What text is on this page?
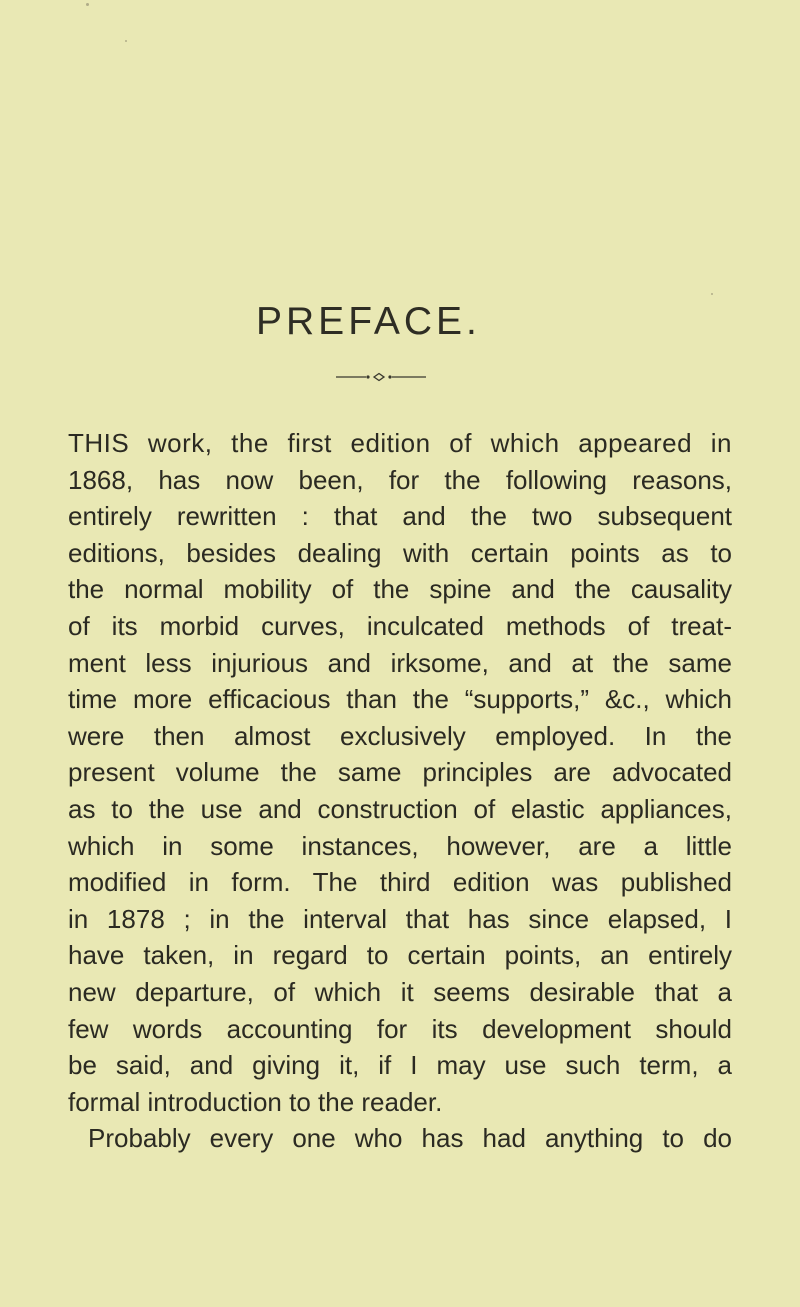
PREFACE.
THIS work, the first edition of which appeared in
1868, has now been, for the following reasons,
entirely rewritten : that and the two subsequent
editions, besides dealing with certain points as to
the normal mobility of the spine and the causality
of its morbid curves, inculcated methods of treat-
ment less injurious and irksome, and at the same
time more efficacious than the “supports,” &c., which
were then almost exclusively employed. In the
present volume the same principles are advocated
as to the use and construction of elastic appliances,
which in some instances, however, are a little
modified in form. The third edition was published
in 1878 ; in the interval that has since elapsed, I
have taken, in regard to certain points, an entirely
new departure, of which it seems desirable that a
few words accounting for its development should
be said, and giving it, if I may use such term, a
formal introduction to the reader.
Probably every one who has had anything to do
